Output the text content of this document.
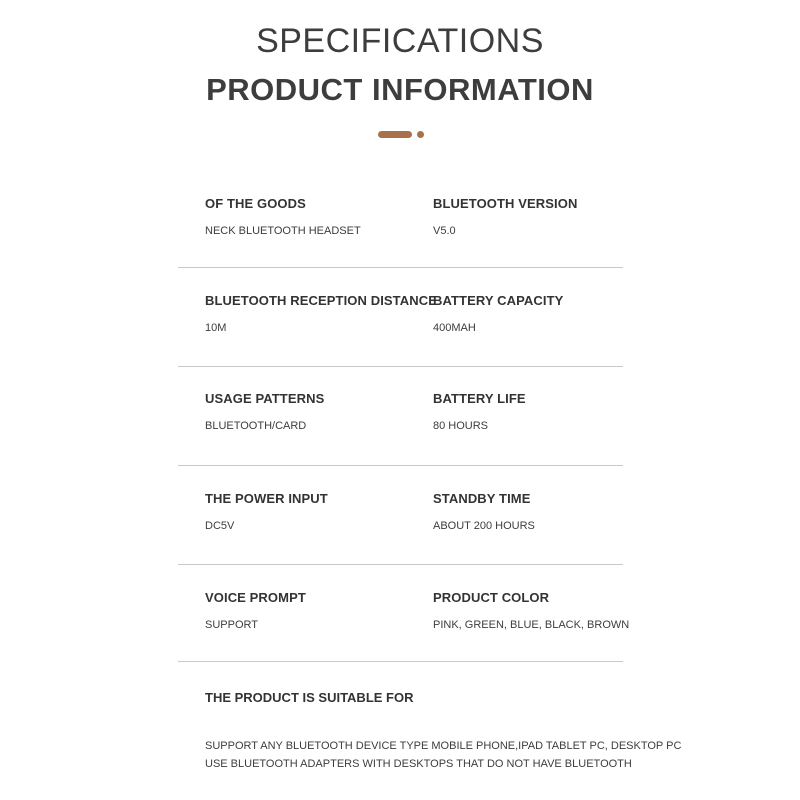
SPECIFICATIONS
PRODUCT INFORMATION
OF THE GOODS
NECK BLUETOOTH HEADSET
BLUETOOTH VERSION
V5.0
BLUETOOTH RECEPTION DISTANCE
10M
BATTERY CAPACITY
400MAH
USAGE PATTERNS
BLUETOOTH/CARD
BATTERY LIFE
80 HOURS
THE POWER INPUT
DC5V
STANDBY TIME
ABOUT 200 HOURS
VOICE PROMPT
SUPPORT
PRODUCT COLOR
PINK, GREEN, BLUE, BLACK, BROWN
THE PRODUCT IS SUITABLE FOR
SUPPORT ANY BLUETOOTH DEVICE TYPE MOBILE PHONE,IPAD TABLET PC, DESKTOP PC
USE BLUETOOTH ADAPTERS WITH DESKTOPS THAT DO NOT HAVE BLUETOOTH
